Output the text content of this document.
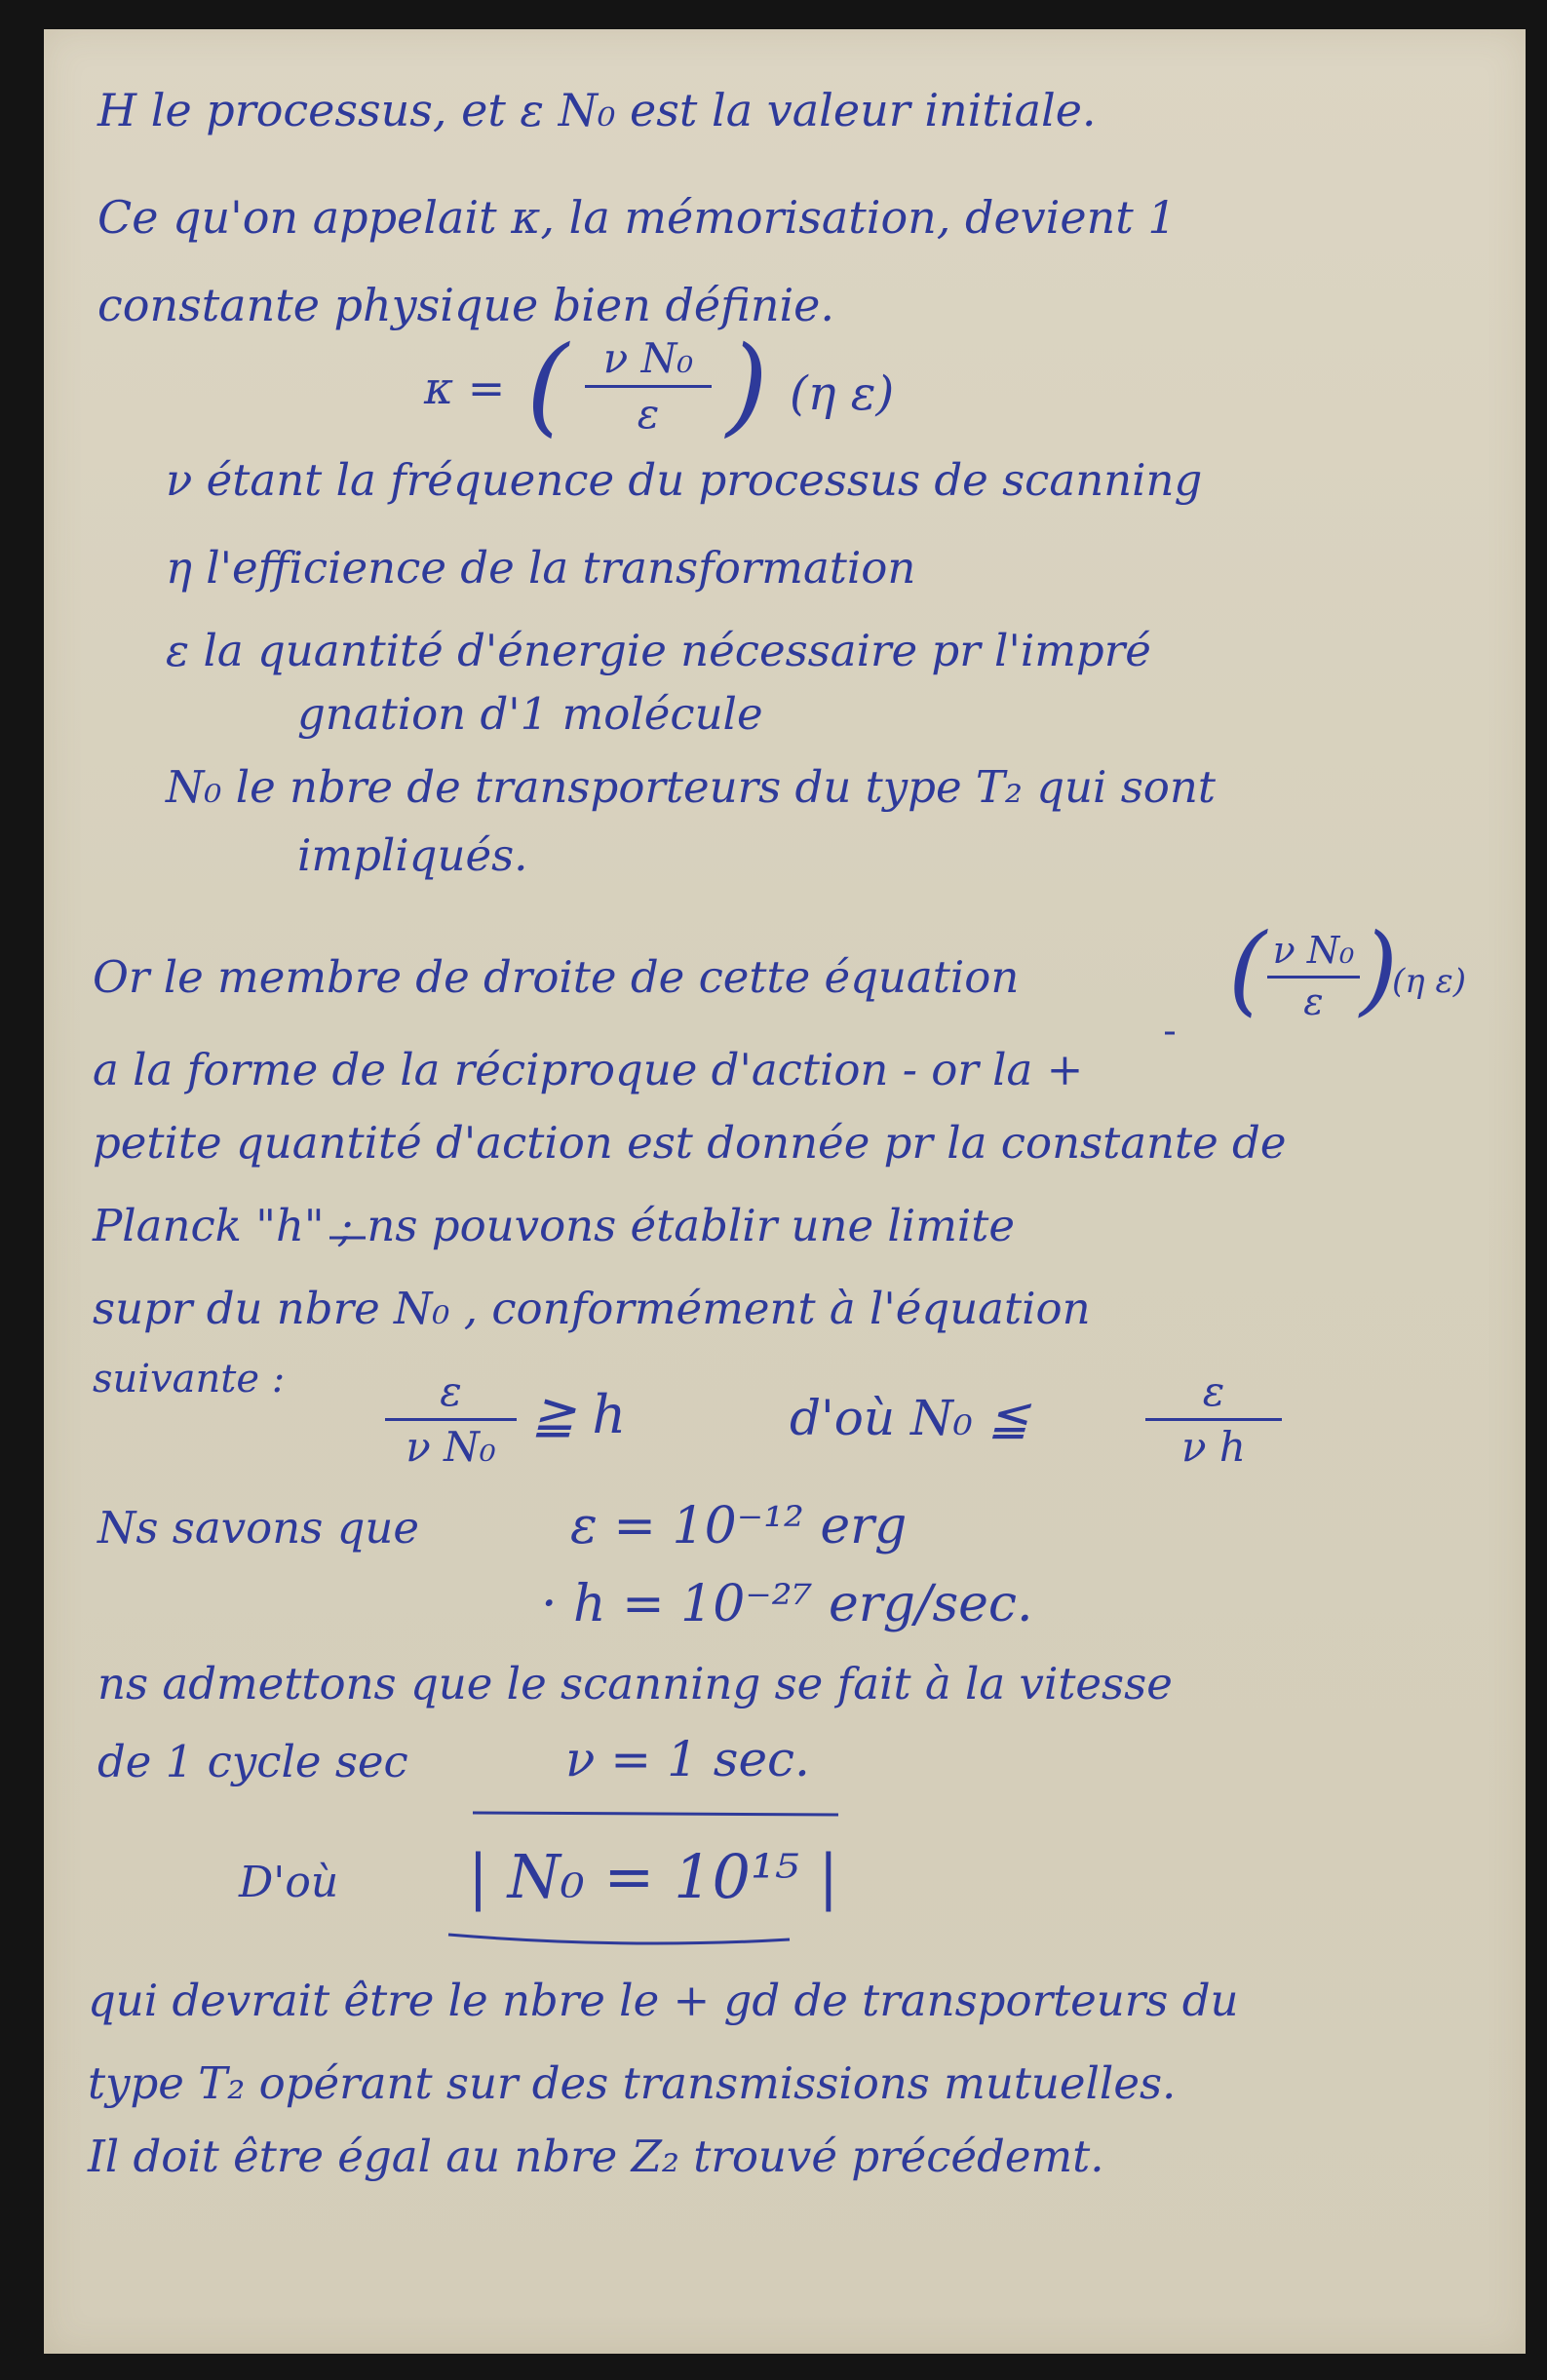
H le processus, et ε N₀ est la valeur initiale.
Ce qu'on appelait κ, la mémorisation, devient 1
constante physique bien définie.
κ = ( ν N₀
ε ) (η ε)
ν étant la fréquence du processus de scanning
η l'efficience de la transformation
ε la quantité d'énergie nécessaire pr l'impré
gnation d'1 molécule
N₀ le nbre de transporteurs du type T₂ qui sont
impliqués.
Or le membre de droite de cette équation ( ν N₀
ε )
(η ε)
a la forme de la réciproque d'action - or la +
petite quantité d'action est donnée pr la constante de
Planck "h" ; ns pouvons établir une limite
supr du nbre N₀ , conformément à l'équation
suivante :	ε
ν N₀
≧ h	d'où N₀ ≦	ε
ν h
Ns savons que	ε = 10⁻¹² erg
· h = 10⁻²⁷ erg/sec.
ns admettons que le scanning se fait à la vitesse
de 1 cycle sec	ν = 1 sec.
D'où | N₀ = 10¹⁵ |
qui devrait être le nbre le + gd de transporteurs du
type T₂ opérant sur des transmissions mutuelles.
Il doit être égal au nbre Z₂ trouvé précédemt.
